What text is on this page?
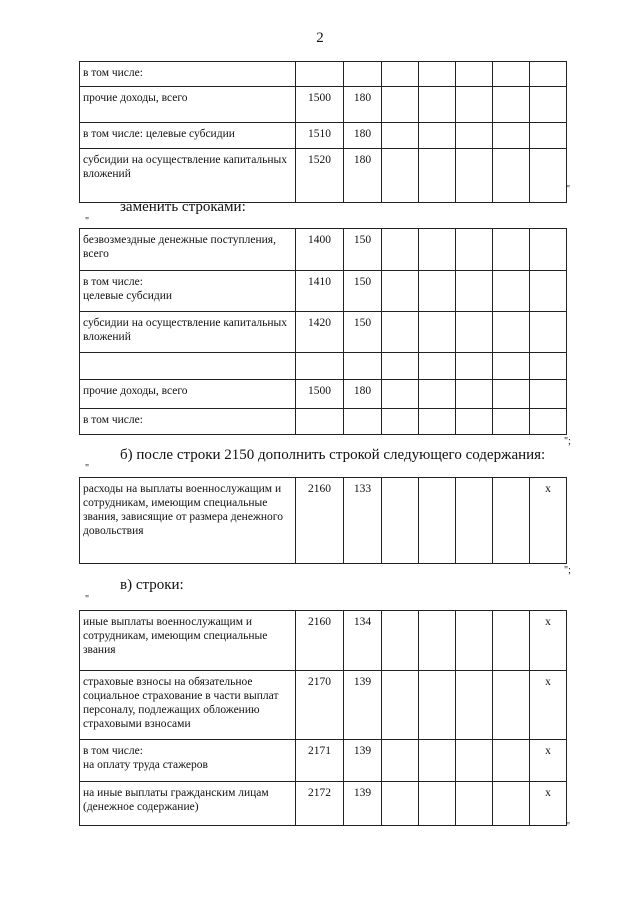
2
в том числе:							
прочие доходы, всего	1500	180					
в том числе: целевые субсидии	1510	180					
субсидии на осуществление капитальных вложений	1520	180					
"
заменить строками:
"
безвозмездные денежные поступления, всего	1400	150					
в том числе:
целевые субсидии	1410	150					
субсидии на осуществление капитальных вложений	1420	150					

прочие доходы, всего	1500	180					
в том числе:							
";
б) после строки 2150 дополнить строкой следующего содержания:
"
расходы на выплаты военнослужащим и сотрудникам, имеющим специальные звания, зависящие от размера денежного довольствия	2160	133					x
";
в) строки:
"
иные выплаты военнослужащим и сотрудникам, имеющим специальные звания	2160	134					x
страховые взносы на обязательное социальное страхование в части выплат персоналу, подлежащих обложению страховыми взносами	2170	139					x
в том числе:
на оплату труда стажеров	2171	139					x
на иные выплаты гражданским лицам (денежное содержание)	2172	139					x
"
